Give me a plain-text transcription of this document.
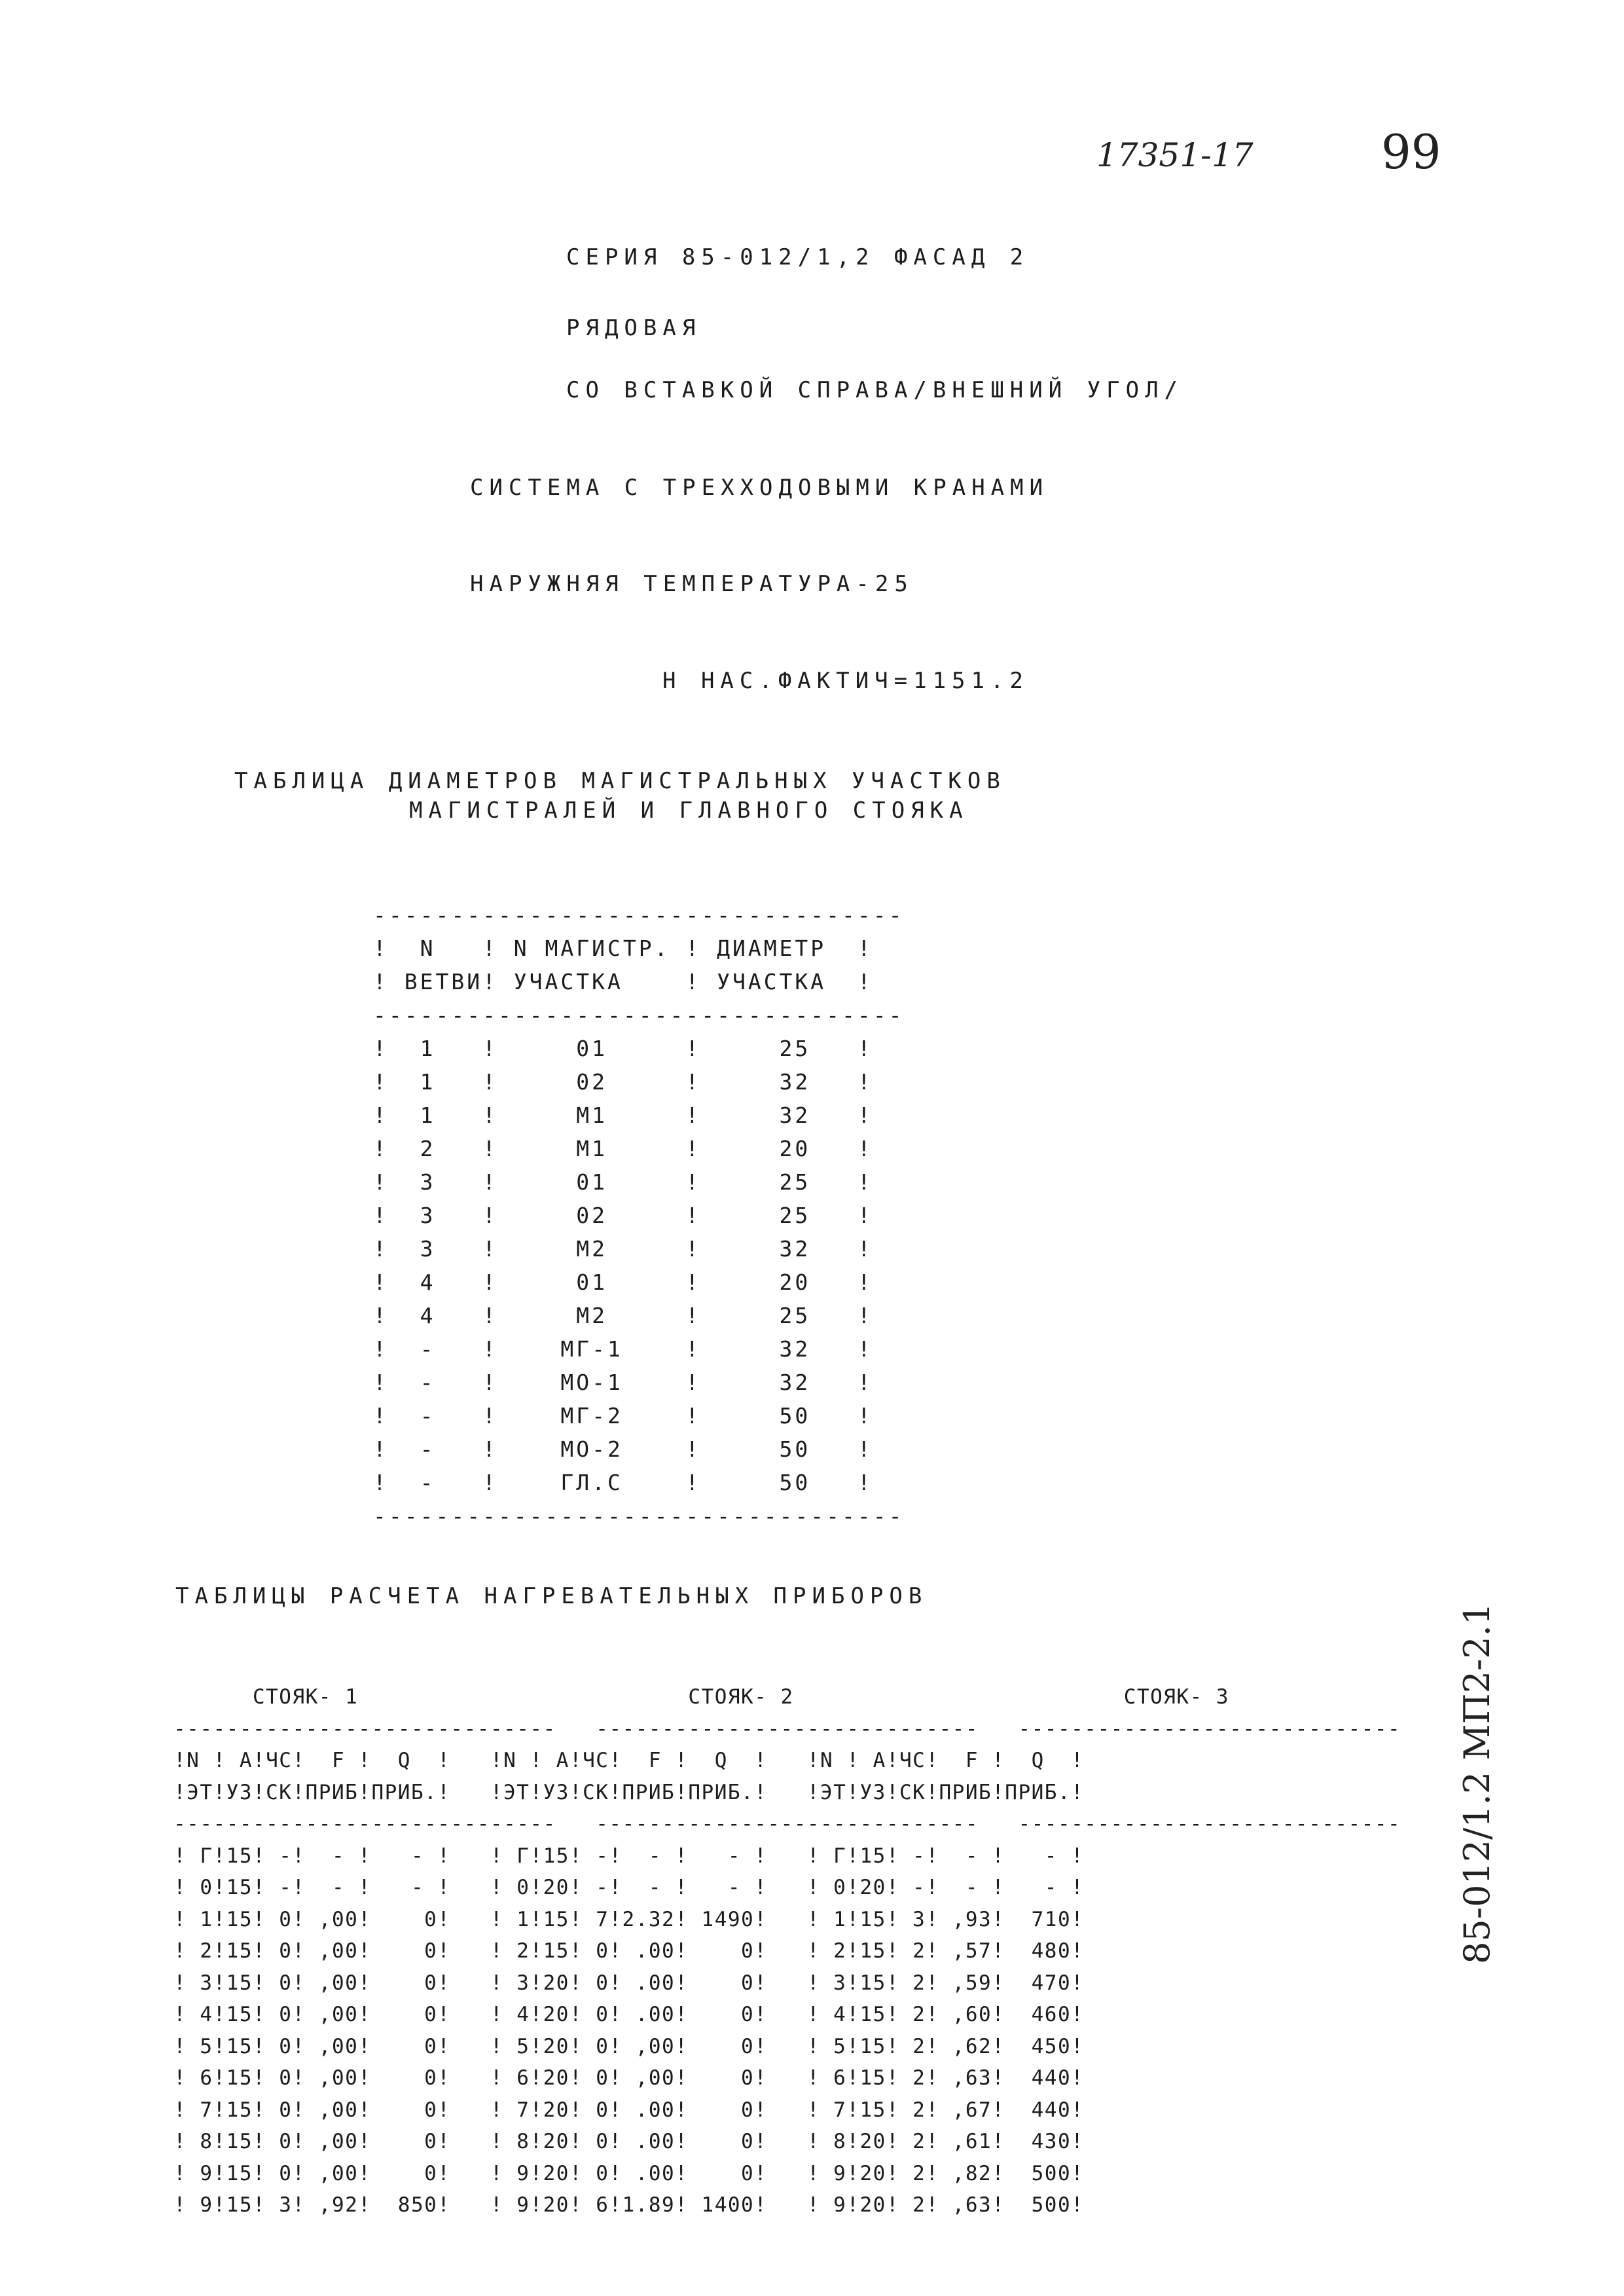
17351-17	99
СЕРИЯ 85-012/1,2 ФАСАД 2
РЯДОВАЯ
СО ВСТАВКОЙ СПРАВА/ВНЕШНИЙ УГОЛ/
СИСТЕМА С ТРЕХХОДОВЫМИ КРАНАМИ
НАРУЖНЯЯ ТЕМПЕРАТУРА-25
Н НАС.ФАКТИЧ=1151.2
ТАБЛИЦА ДИАМЕТРОВ МАГИСТРАЛЬНЫХ УЧАСТКОВ
МАГИСТРАЛЕЙ И ГЛАВНОГО СТОЯКА
----------------------------------
!  N   ! N МАГИСТР. ! ДИАМЕТР  !
! ВЕТВИ! УЧАСТКА    ! УЧАСТКА  !
----------------------------------
!  1   !     01     !     25   !
!  1   !     02     !     32   !
!  1   !     М1     !     32   !
!  2   !     М1     !     20   !
!  3   !     01     !     25   !
!  3   !     02     !     25   !
!  3   !     М2     !     32   !
!  4   !     01     !     20   !
!  4   !     М2     !     25   !
!  -   !    МГ-1    !     32   !
!  -   !    МО-1    !     32   !
!  -   !    МГ-2    !     50   !
!  -   !    МО-2    !     50   !
!  -   !    ГЛ.С    !     50   !
----------------------------------
ТАБЛИЦЫ РАСЧЕТА НАГРЕВАТЕЛЬНЫХ ПРИБОРОВ
СТОЯК- 1                         СТОЯК- 2                         СТОЯК- 3
-----------------------------   -----------------------------   -----------------------------
!N ! А!ЧС!  F !  Q  !   !N ! А!ЧС!  F !  Q  !   !N ! А!ЧС!  F !  Q  !
!ЭТ!УЗ!СК!ПРИБ!ПРИБ.!   !ЭТ!УЗ!СК!ПРИБ!ПРИБ.!   !ЭТ!УЗ!СК!ПРИБ!ПРИБ.!
-----------------------------   -----------------------------   -----------------------------
! Г!15! -!  - !   - !   ! Г!15! -!  - !   - !   ! Г!15! -!  - !   - !
! 0!15! -!  - !   - !   ! 0!20! -!  - !   - !   ! 0!20! -!  - !   - !
! 1!15! 0! ,00!    0!   ! 1!15! 7!2.32! 1490!   ! 1!15! 3! ,93!  710!
! 2!15! 0! ,00!    0!   ! 2!15! 0! .00!    0!   ! 2!15! 2! ,57!  480!
! 3!15! 0! ,00!    0!   ! 3!20! 0! .00!    0!   ! 3!15! 2! ,59!  470!
! 4!15! 0! ,00!    0!   ! 4!20! 0! .00!    0!   ! 4!15! 2! ,60!  460!
! 5!15! 0! ,00!    0!   ! 5!20! 0! ,00!    0!   ! 5!15! 2! ,62!  450!
! 6!15! 0! ,00!    0!   ! 6!20! 0! ,00!    0!   ! 6!15! 2! ,63!  440!
! 7!15! 0! ,00!    0!   ! 7!20! 0! .00!    0!   ! 7!15! 2! ,67!  440!
! 8!15! 0! ,00!    0!   ! 8!20! 0! .00!    0!   ! 8!20! 2! ,61!  430!
! 9!15! 0! ,00!    0!   ! 9!20! 0! .00!    0!   ! 9!20! 2! ,82!  500!
! 9!15! 3! ,92!  850!   ! 9!20! 6!1.89! 1400!   ! 9!20! 2! ,63!  500!
85-012/1.2 МП2-2.1
